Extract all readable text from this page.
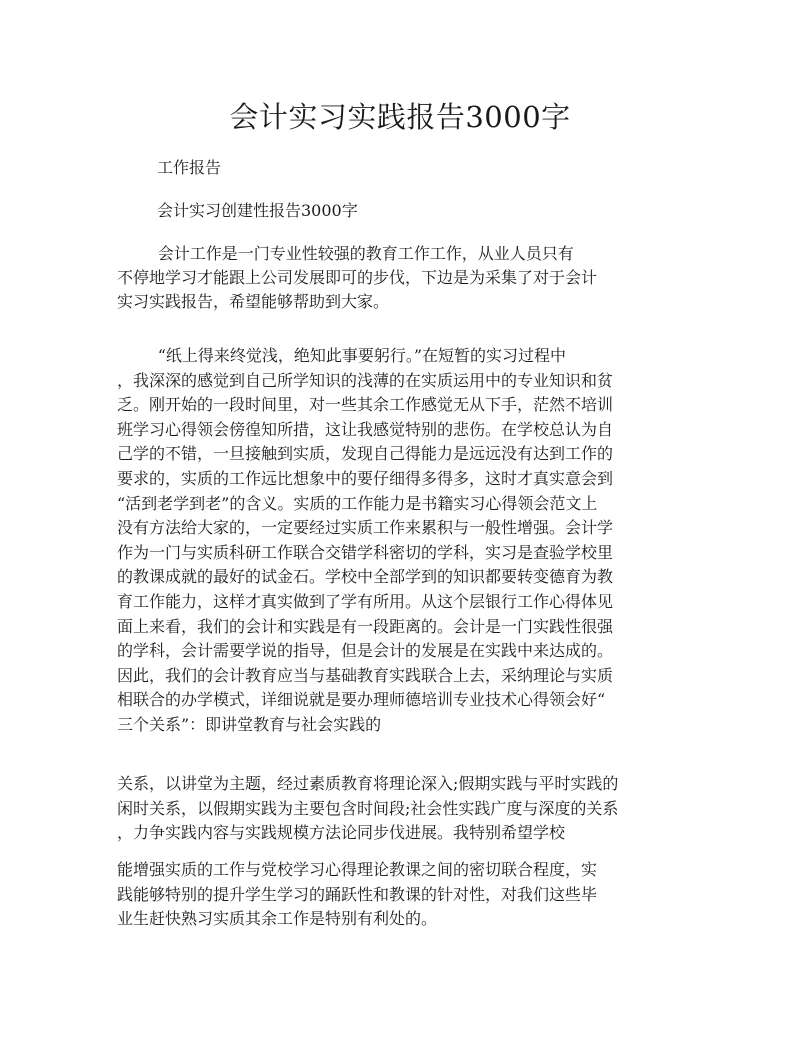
会计实习实践报告3000字

工作报告

会计实习创建性报告3000字

会计工作是一门专业性较强的教育工作工作，从业人员只有
不停地学习才能跟上公司发展即可的步伐，下边是为采集了对于会计
实习实践报告，希望能够帮助到大家。
“纸上得来终觉浅，绝知此事要躬行。”在短暂的实习过程中
，我深深的感觉到自己所学知识的浅薄的在实质运用中的专业知识和贫
乏。刚开始的一段时间里，对一些其余工作感觉无从下手，茫然不培训
班学习心得领会傍徨知所措，这让我感觉特别的悲伤。在学校总认为自
己学的不错，一旦接触到实质，发现自己得能力是远远没有达到工作的
要求的，实质的工作远比想象中的要仔细得多得多，这时才真实意会到
“活到老学到老”的含义。实质的工作能力是书籍实习心得领会范文上
没有方法给大家的，一定要经过实质工作来累积与一般性增强。会计学
作为一门与实质科研工作联合交错学科密切的学科，实习是查验学校里
的教课成就的最好的试金石。学校中全部学到的知识都要转变德育为教
育工作能力，这样才真实做到了学有所用。从这个层银行工作心得体见
面上来看，我们的会计和实践是有一段距离的。会计是一门实践性很强
的学科，会计需要学说的指导，但是会计的发展是在实践中来达成的。
因此，我们的会计教育应当与基础教育实践联合上去，采纳理论与实质
相联合的办学模式，详细说就是要办理师德培训专业技术心得领会好“
三个关系”：即讲堂教育与社会实践的
关系，以讲堂为主题，经过素质教育将理论深入;假期实践与平时实践的
闲时关系，以假期实践为主要包含时间段;社会性实践广度与深度的关系
，力争实践内容与实践规模方法论同步伐进展。我特别希望学校
能增强实质的工作与党校学习心得理论教课之间的密切联合程度，实
践能够特别的提升学生学习的踊跃性和教课的针对性，对我们这些毕
业生赶快熟习实质其余工作是特别有利处的。
